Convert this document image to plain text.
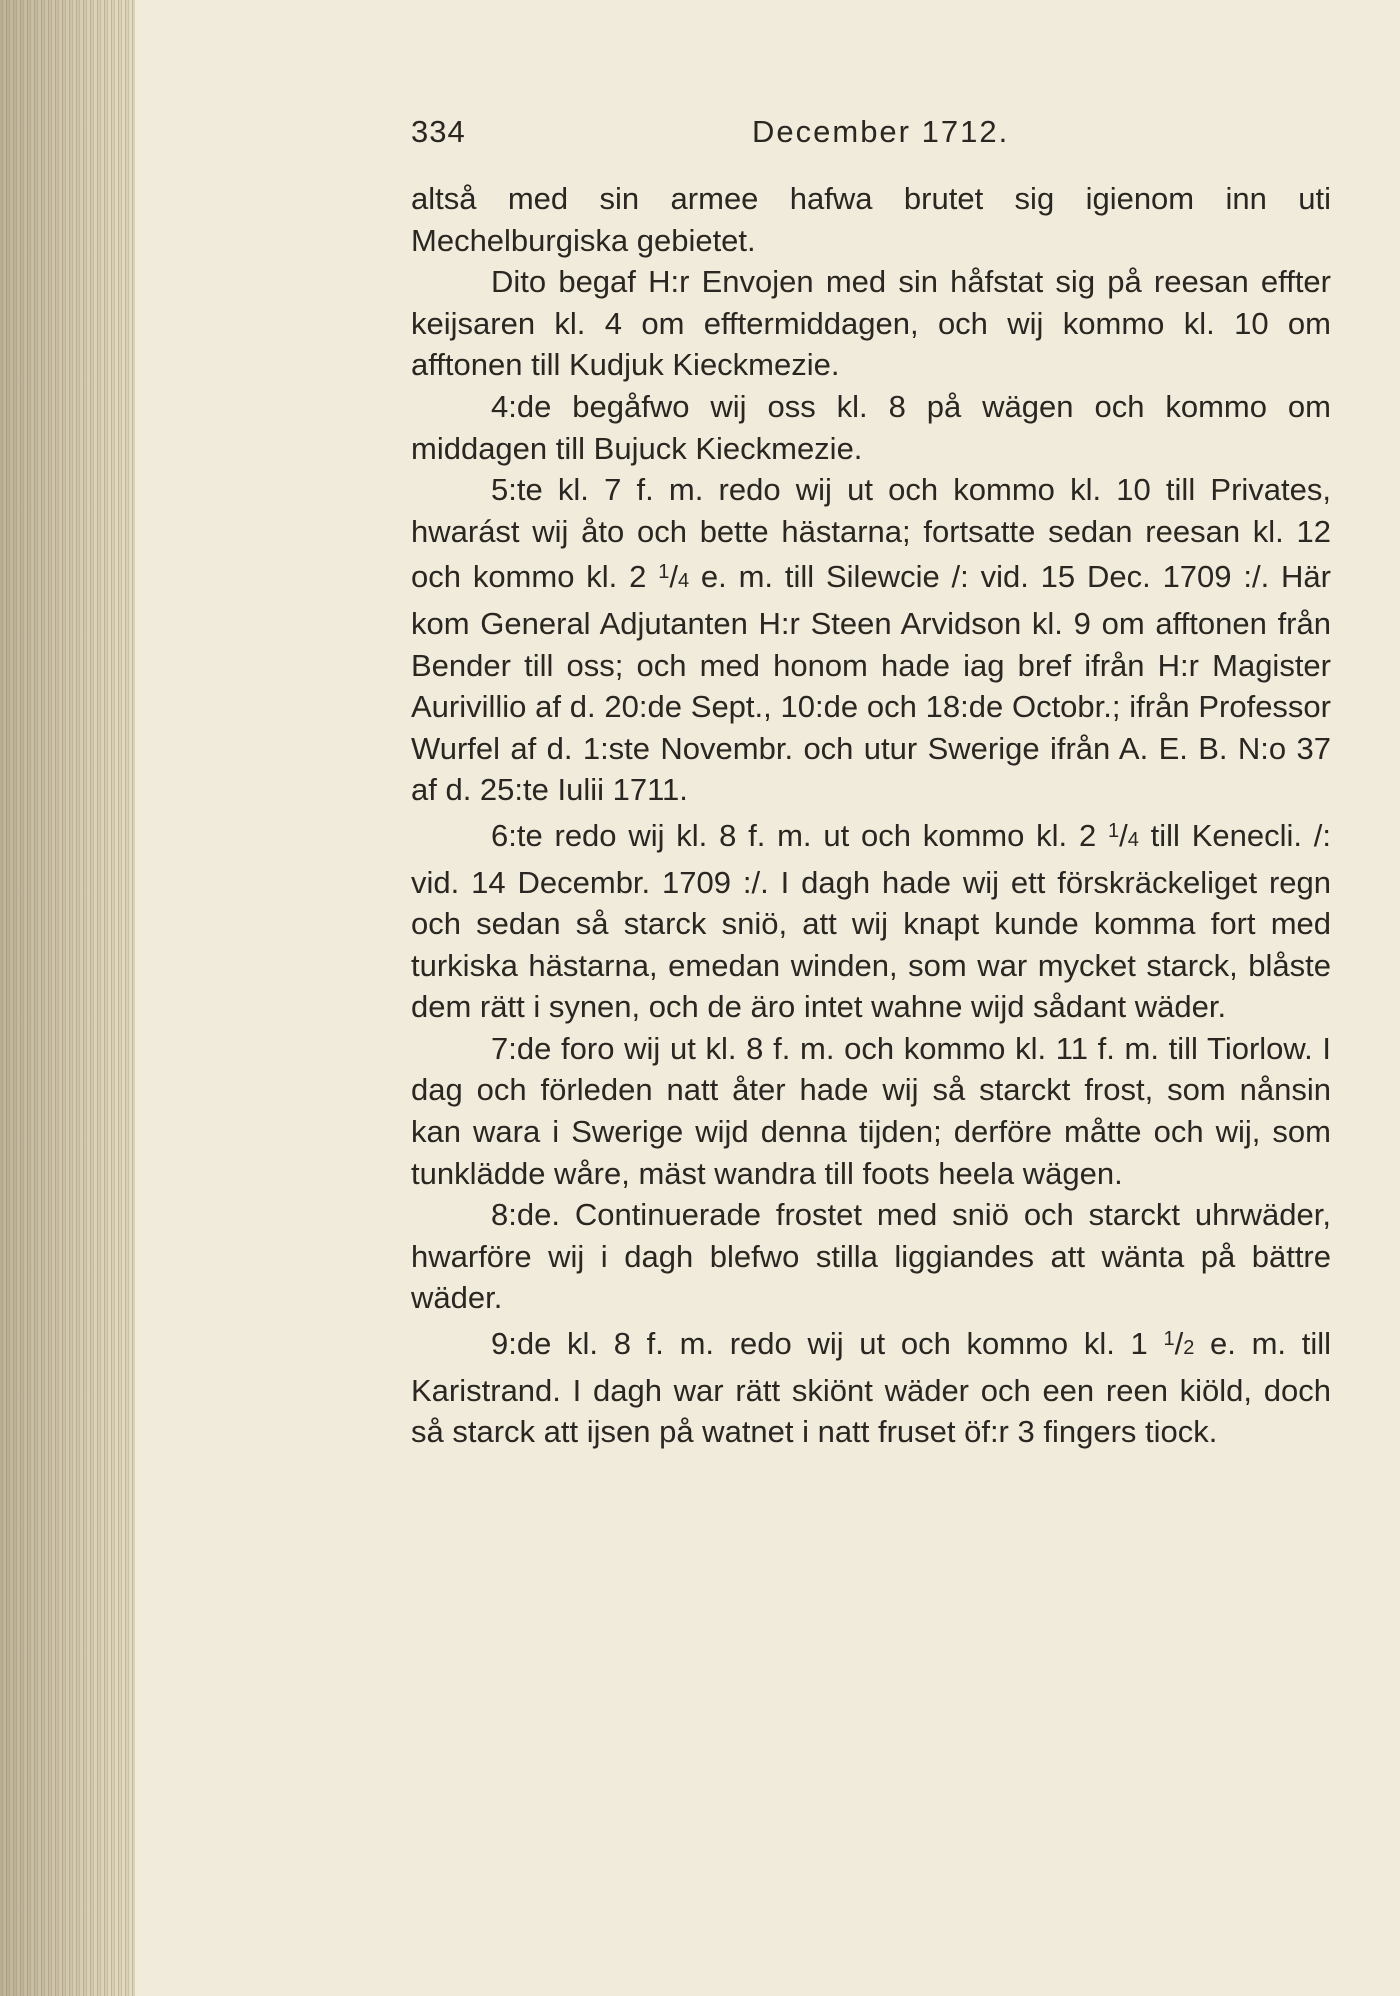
334	December 1712.

altså med sin armee hafwa brutet sig igienom inn uti Mechelburgiska gebietet.

Dito begaf H:r Envojen med sin håfstat sig på reesan effter keijsaren kl. 4 om efftermiddagen, och wij kommo kl. 10 om afftonen till Kudjuk Kieckmezie.

4:de begåfwo wij oss kl. 8 på wägen och kommo om middagen till Bujuck Kieckmezie.

5:te kl. 7 f. m. redo wij ut och kommo kl. 10 till Privates, hwarást wij åto och bette hästarna; fortsatte sedan reesan kl. 12 och kommo kl. 2 $^1$/4 e. m. till Silewcie /: vid. 15 Dec. 1709 :/. Här kom General Adjutanten H:r Steen Arvidson kl. 9 om afftonen från Bender till oss; och med honom hade iag bref ifrån H:r Magister Aurivillio af d. 20:de Sept., 10:de och 18:de Octobr.; ifrån Professor Wurfel af d. 1:ste Novembr. och utur Swerige ifrån A. E. B. N:o 37 af d. 25:te Iulii 1711.

6:te redo wij kl. 8 f. m. ut och kommo kl. 2 $^1$/4 till Kenecli. /: vid. 14 Decembr. 1709 :/. I dagh hade wij ett förskräckeliget regn och sedan så starck sniö, att wij knapt kunde komma fort med turkiska hästarna, emedan winden, som war mycket starck, blåste dem rätt i synen, och de äro intet wahne wijd sådant wäder.

7:de foro wij ut kl. 8 f. m. och kommo kl. 11 f. m. till Tiorlow. I dag och förleden natt åter hade wij så starckt frost, som nånsin kan wara i Swerige wijd denna tijden; derföre måtte och wij, som tunklädde wåre, mäst wandra till foots heela wägen.

8:de. Continuerade frostet med sniö och starckt uhrwäder, hwarföre wij i dagh blefwo stilla liggiandes att wänta på bättre wäder.

9:de kl. 8 f. m. redo wij ut och kommo kl. 1 $^1$/2 e. m. till Karistrand. I dagh war rätt skiönt wäder och een reen kiöld, doch så starck att ijsen på watnet i natt fruset öf:r 3 fingers tiock.
